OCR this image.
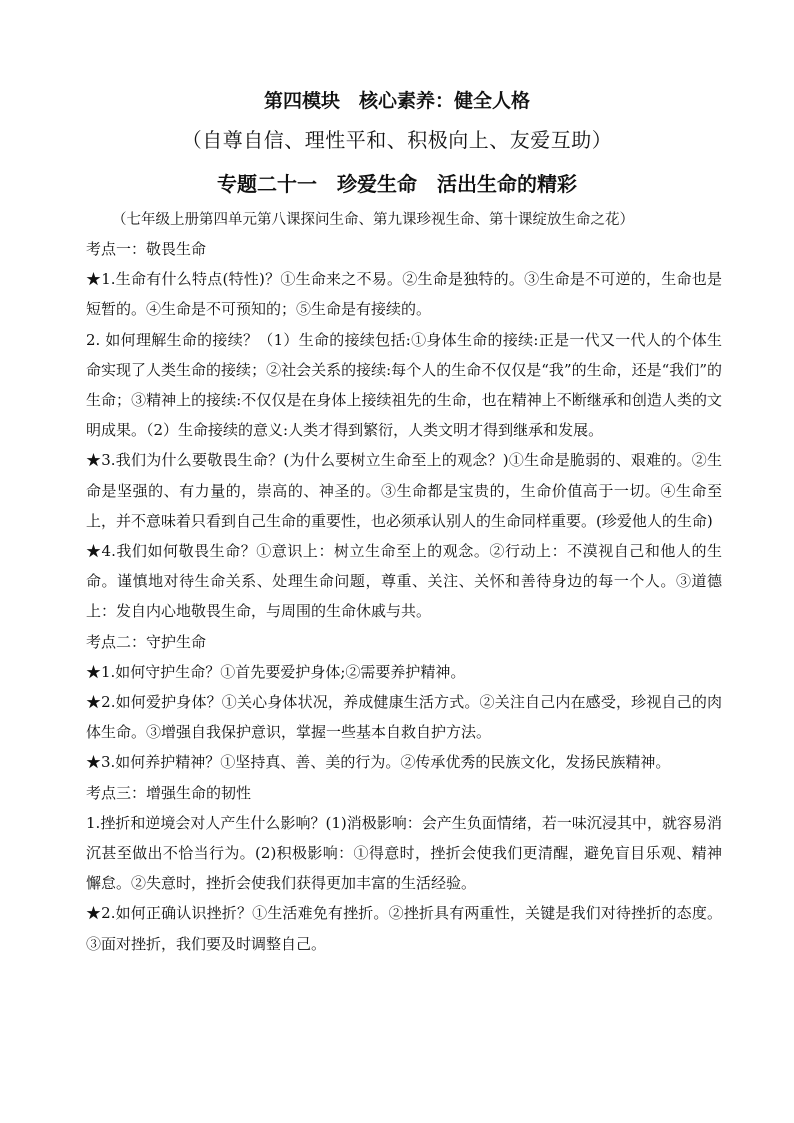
第四模块　核心素养：健全人格
（自尊自信、理性平和、积极向上、友爱互助）
专题二十一　珍爱生命　活出生命的精彩
（七年级上册第四单元第八课探问生命、第九课珍视生命、第十课绽放生命之花）

考点一：敬畏生命

★1.生命有什么特点(特性)？①生命来之不易。②生命是独特的。③生命是不可逆的，生命也是短暂的。④生命是不可预知的；⑤生命是有接续的。

2. 如何理解生命的接续？（1）生命的接续包括:①身体生命的接续:正是一代又一代人的个体生命实现了人类生命的接续；②社会关系的接续:每个人的生命不仅仅是“我”的生命，还是“我们”的生命；③精神上的接续:不仅仅是在身体上接续祖先的生命，也在精神上不断继承和创造人类的文明成果。（2）生命接续的意义:人类才得到繁衍，人类文明才得到继承和发展。

★3.我们为什么要敬畏生命？(为什么要树立生命至上的观念？)①生命是脆弱的、艰难的。②生命是坚强的、有力量的，崇高的、神圣的。③生命都是宝贵的，生命价值高于一切。④生命至上，并不意味着只看到自己生命的重要性，也必须承认别人的生命同样重要。(珍爱他人的生命)

★4.我们如何敬畏生命？①意识上：树立生命至上的观念。②行动上：不漠视自己和他人的生命。谨慎地对待生命关系、处理生命问题，尊重、关注、关怀和善待身边的每一个人。③道德上：发自内心地敬畏生命，与周围的生命休戚与共。

考点二：守护生命

★1.如何守护生命？①首先要爱护身体;②需要养护精神。

★2.如何爱护身体？①关心身体状况，养成健康生活方式。②关注自己内在感受，珍视自己的肉体生命。③增强自我保护意识，掌握一些基本自救自护方法。

★3.如何养护精神？①坚持真、善、美的行为。②传承优秀的民族文化，发扬民族精神。

考点三：增强生命的韧性

1.挫折和逆境会对人产生什么影响？(1)消极影响：会产生负面情绪，若一味沉浸其中，就容易消沉甚至做出不恰当行为。(2)积极影响：①得意时，挫折会使我们更清醒，避免盲目乐观、精神懈怠。②失意时，挫折会使我们获得更加丰富的生活经验。

★2.如何正确认识挫折？①生活难免有挫折。②挫折具有两重性，关键是我们对待挫折的态度。③面对挫折，我们要及时调整自己。
